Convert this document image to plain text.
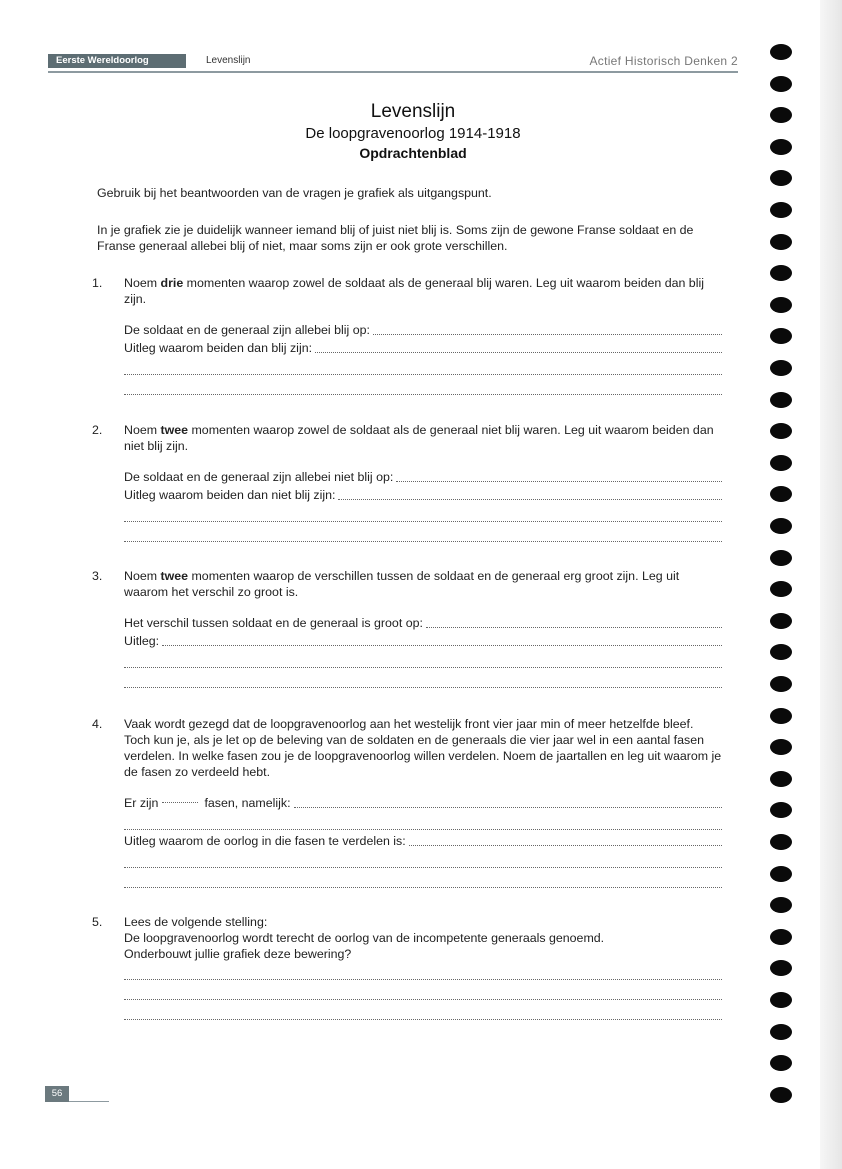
Eerste Wereldoorlog	Levenslijn	Actief Historisch Denken 2
Levenslijn
De loopgravenoorlog 1914-1918
Opdrachtenblad
Gebruik bij het beantwoorden van de vragen je grafiek als uitgangspunt.
In je grafiek zie je duidelijk wanneer iemand blij of juist niet blij is. Soms zijn de gewone Franse soldaat en de Franse generaal allebei blij of niet, maar soms zijn er ook grote verschillen.
1. Noem drie momenten waarop zowel de soldaat als de generaal blij waren. Leg uit waarom beiden dan blij zijn.
De soldaat en de generaal zijn allebei blij op:
Uitleg waarom beiden dan blij zijn:
2. Noem twee momenten waarop zowel de soldaat als de generaal niet blij waren. Leg uit waarom beiden dan niet blij zijn.
De soldaat en de generaal zijn allebei niet blij op:
Uitleg waarom beiden dan niet blij zijn:
3. Noem twee momenten waarop de verschillen tussen de soldaat en de generaal erg groot zijn. Leg uit waarom het verschil zo groot is.
Het verschil tussen soldaat en de generaal is groot op:
Uitleg:
4. Vaak wordt gezegd dat de loopgravenoorlog aan het westelijk front vier jaar min of meer hetzelfde bleef. Toch kun je, als je let op de beleving van de soldaten en de generaals die vier jaar wel in een aantal fasen verdelen. In welke fasen zou je de loopgravenoorlog willen verdelen. Noem de jaartallen en leg uit waarom je de fasen zo verdeeld hebt.
Er zijn	fasen, namelijk:
Uitleg waarom de oorlog in die fasen te verdelen is:
5. Lees de volgende stelling:
De loopgravenoorlog wordt terecht de oorlog van de incompetente generaals genoemd.
Onderbouwt jullie grafiek deze bewering?
56
